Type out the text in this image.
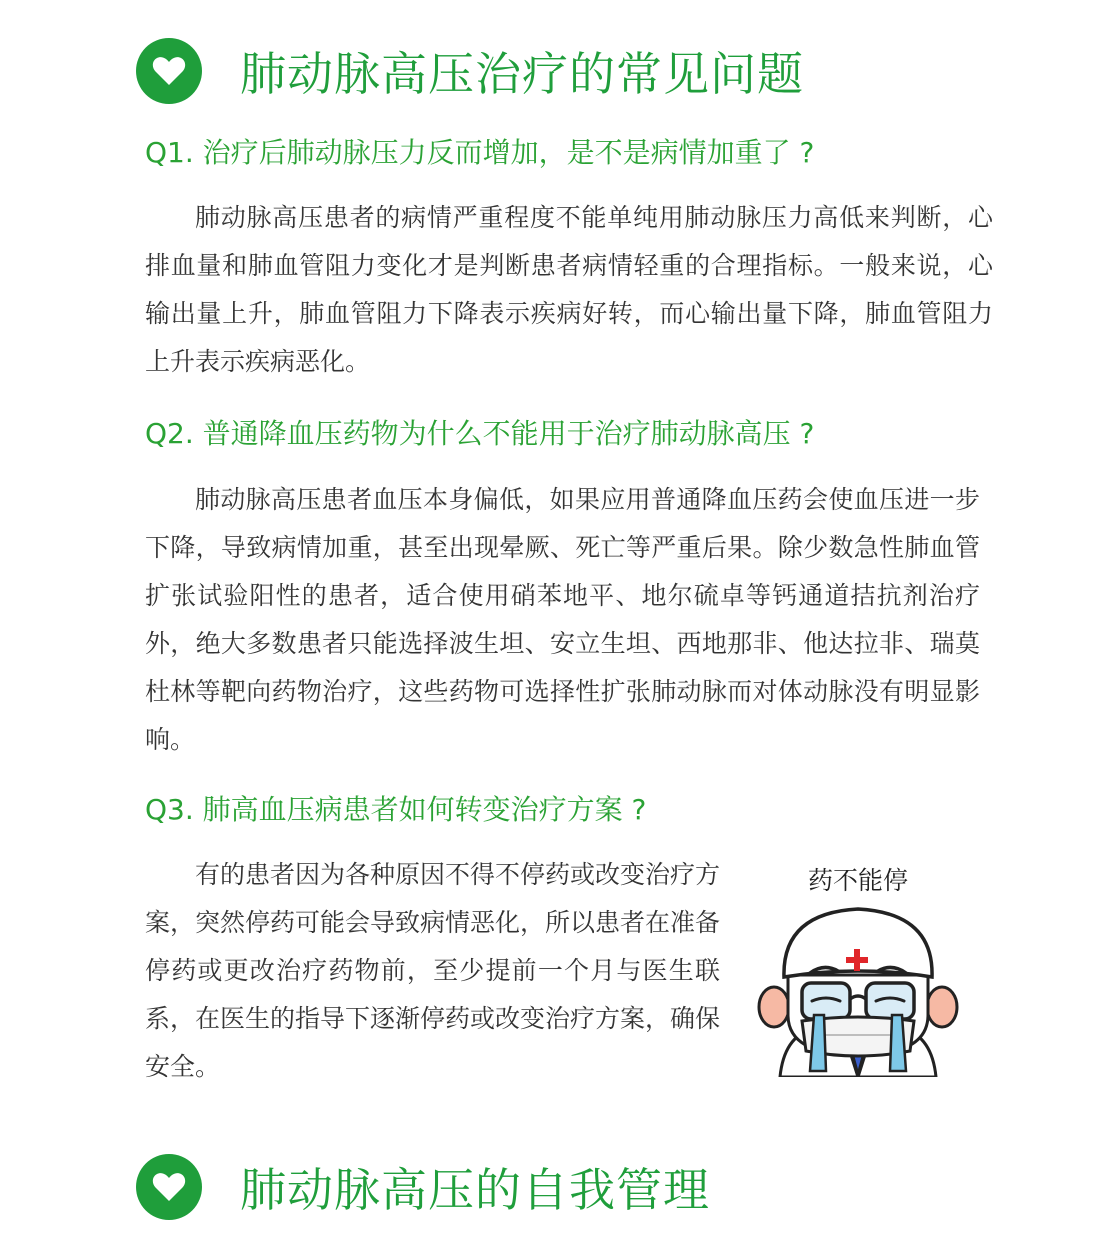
肺动脉高压治疗的常见问题
Q1. 治疗后肺动脉压力反而增加，是不是病情加重了 ?

肺动脉高压患者的病情严重程度不能单纯用肺动脉压力高低来判断，心排血量和肺血管阻力变化才是判断患者病情轻重的合理指标。一般来说，心输出量上升，肺血管阻力下降表示疾病好转，而心输出量下降，肺血管阻力上升表示疾病恶化。

Q2. 普通降血压药物为什么不能用于治疗肺动脉高压 ?

肺动脉高压患者血压本身偏低，如果应用普通降血压药会使血压进一步下降，导致病情加重，甚至出现晕厥、死亡等严重后果。除少数急性肺血管扩张试验阳性的患者，适合使用硝苯地平、地尔硫卓等钙通道拮抗剂治疗外，绝大多数患者只能选择波生坦、安立生坦、西地那非、他达拉非、瑞莫杜林等靶向药物治疗，这些药物可选择性扩张肺动脉而对体动脉没有明显影响。

Q3. 肺高血压病患者如何转变治疗方案 ?

有的患者因为各种原因不得不停药或改变治疗方案，突然停药可能会导致病情恶化，所以患者在准备停药或更改治疗药物前，至少提前一个月与医生联系，在医生的指导下逐渐停药或改变治疗方案，确保安全。

药不能停
肺动脉高压的自我管理
